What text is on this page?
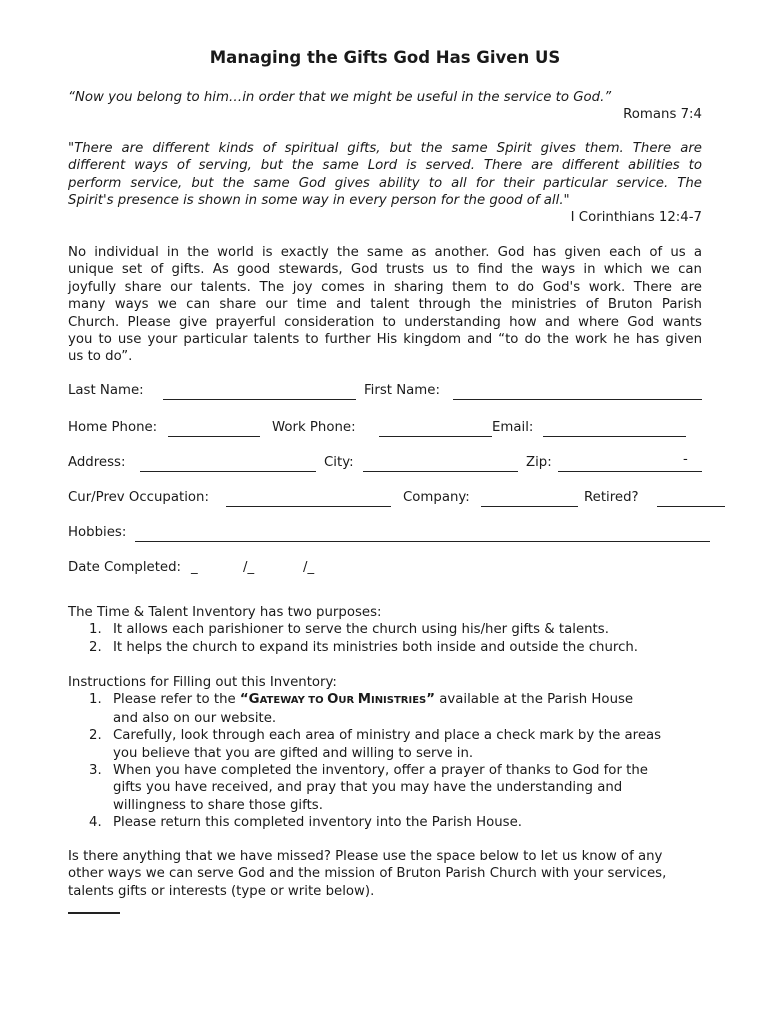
Managing the Gifts God Has Given US
“Now you belong to him…in order that we might be useful in the service to God.”
Romans 7:4
"There are different kinds of spiritual gifts, but the same Spirit gives them. There are
different ways of serving, but the same Lord is served. There are different abilities to
perform service, but the same God gives ability to all for their particular service. The
Spirit's presence is shown in some way in every person for the good of all."
I Corinthians 12:4-7
No individual in the world is exactly the same as another. God has given each of us a
unique set of gifts. As good stewards, God trusts us to find the ways in which we can
joyfully share our talents. The joy comes in sharing them to do God's work. There are
many ways we can share our time and talent through the ministries of Bruton Parish
Church. Please give prayerful consideration to understanding how and where God wants
you to use your particular talents to further His kingdom and “to do the work he has given
us to do”.
Last Name:	First Name:
Home Phone:	Work Phone:	Email:
Address:	City:	Zip:	-
Cur/Prev Occupation:	Company:	Retired?
Hobbies:
Date Completed: _	/_	/_
The Time & Talent Inventory has two purposes:
1. It allows each parishioner to serve the church using his/her gifts & talents.
2. It helps the church to expand its ministries both inside and outside the church.
Instructions for Filling out this Inventory:
1. Please refer to the “GATEWAY TO OUR MINISTRIES” available at the Parish House
and also on our website.
2. Carefully, look through each area of ministry and place a check mark by the areas
you believe that you are gifted and willing to serve in.
3. When you have completed the inventory, offer a prayer of thanks to God for the
gifts you have received, and pray that you may have the understanding and
willingness to share those gifts.
4. Please return this completed inventory into the Parish House.
Is there anything that we have missed? Please use the space below to let us know of any
other ways we can serve God and the mission of Bruton Parish Church with your services,
talents gifts or interests (type or write below).
